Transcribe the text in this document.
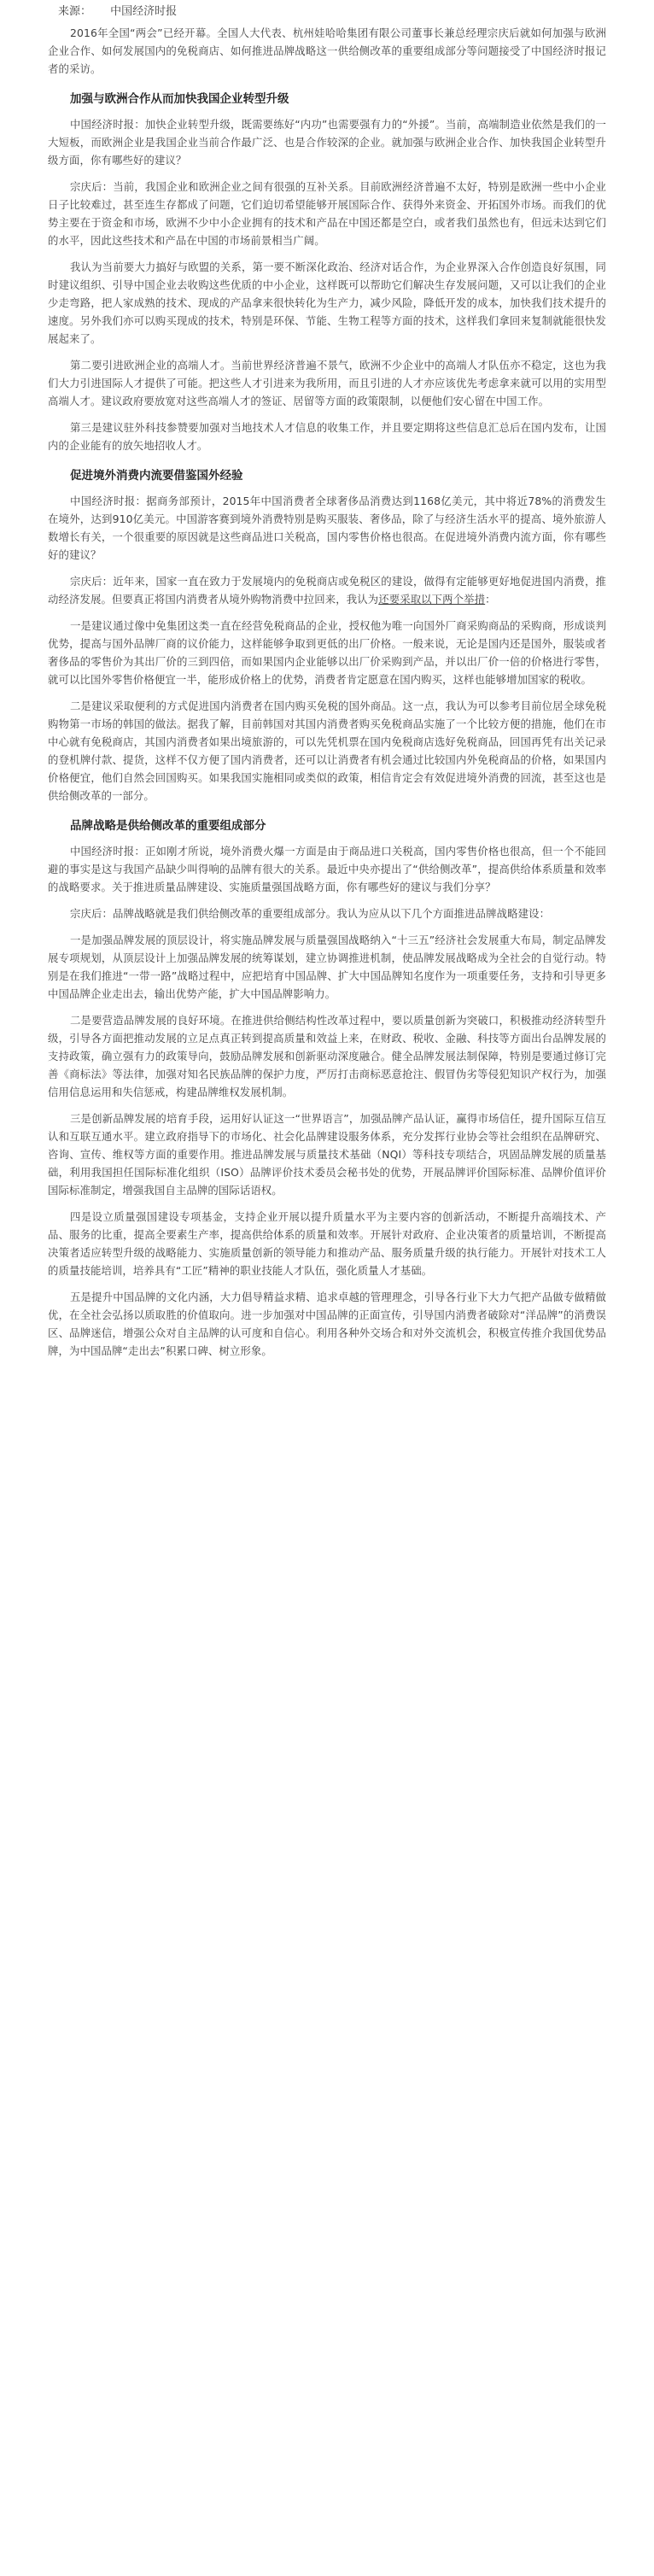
来源： 中国经济时报

2016年全国“两会”已经开幕。全国人大代表、杭州娃哈哈集团有限公司董事长兼总经理宗庆后就如何加强与欧洲企业合作、如何发展国内的免税商店、如何推进品牌战略这一供给侧改革的重要组成部分等问题接受了中国经济时报记者的采访。

加强与欧洲合作从而加快我国企业转型升级

中国经济时报：加快企业转型升级，既需要练好“内功”也需要强有力的“外援”。当前，高端制造业依然是我们的一大短板，而欧洲企业是我国企业当前合作最广泛、也是合作较深的企业。就加强与欧洲企业合作、加快我国企业转型升级方面，你有哪些好的建议？

宗庆后：当前，我国企业和欧洲企业之间有很强的互补关系。目前欧洲经济普遍不太好，特别是欧洲一些中小企业日子比较难过，甚至连生存都成了问题，它们迫切希望能够开展国际合作、获得外来资金、开拓国外市场。而我们的优势主要在于资金和市场，欧洲不少中小企业拥有的技术和产品在中国还都是空白，或者我们虽然也有，但远未达到它们的水平，因此这些技术和产品在中国的市场前景相当广阔。

我认为当前要大力搞好与欧盟的关系，第一要不断深化政治、经济对话合作，为企业界深入合作创造良好氛围，同时建议组织、引导中国企业去收购这些优质的中小企业，这样既可以帮助它们解决生存发展问题，又可以让我们的企业少走弯路，把人家成熟的技术、现成的产品拿来很快转化为生产力，减少风险，降低开发的成本，加快我们技术提升的速度。另外我们亦可以购买现成的技术，特别是环保、节能、生物工程等方面的技术，这样我们拿回来复制就能很快发展起来了。

第二要引进欧洲企业的高端人才。当前世界经济普遍不景气，欧洲不少企业中的高端人才队伍亦不稳定，这也为我们大力引进国际人才提供了可能。把这些人才引进来为我所用，而且引进的人才亦应该优先考虑拿来就可以用的实用型高端人才。建议政府要放宽对这些高端人才的签证、居留等方面的政策限制，以便他们安心留在中国工作。

第三是建议驻外科技参赞要加强对当地技术人才信息的收集工作，并且要定期将这些信息汇总后在国内发布，让国内的企业能有的放矢地招收人才。

促进境外消费内流要借鉴国外经验

中国经济时报：据商务部预计，2015年中国消费者全球奢侈品消费达到1168亿美元，其中将近78%的消费发生在境外，达到910亿美元。中国游客赛到境外消费特别是购买服装、奢侈品，除了与经济生活水平的提高、境外旅游人数增长有关，一个很重要的原因就是这些商品进口关税高，国内零售价格也很高。在促进境外消费内流方面，你有哪些好的建议？

宗庆后：近年来，国家一直在致力于发展境内的免税商店或免税区的建设，做得有定能够更好地促进国内消费，推动经济发展。但要真正将国内消费者从境外购物消费中拉回来，我认为还要采取以下两个举措：

一是建议通过像中免集团这类一直在经营免税商品的企业，授权他为唯一向国外厂商采购商品的采购商，形成谈判优势，提高与国外品牌厂商的议价能力，这样能够争取到更低的出厂价格。一般来说，无论是国内还是国外，服装或者奢侈品的零售价为其出厂价的三到四倍，而如果国内企业能够以出厂价采购到产品，并以出厂价一倍的价格进行零售，就可以比国外零售价格便宜一半，能形成价格上的优势，消费者肯定愿意在国内购买，这样也能够增加国家的税收。

二是建议采取便利的方式促进国内消费者在国内购买免税的国外商品。这一点，我认为可以参考目前位居全球免税购物第一市场的韩国的做法。据我了解，目前韩国对其国内消费者购买免税商品实施了一个比较方便的措施，他们在市中心就有免税商店，其国内消费者如果出境旅游的，可以先凭机票在国内免税商店选好免税商品，回国再凭有出关记录的登机牌付款、提货，这样不仅方便了国内消费者，还可以让消费者有机会通过比较国内外免税商品的价格，如果国内价格便宜，他们自然会回国购买。如果我国实施相同或类似的政策，相信肯定会有效促进境外消费的回流，甚至这也是供给侧改革的一部分。

品牌战略是供给侧改革的重要组成部分

中国经济时报：正如刚才所说，境外消费火爆一方面是由于商品进口关税高，国内零售价格也很高，但一个不能回避的事实是这与我国产品缺少叫得响的品牌有很大的关系。最近中央亦提出了“供给侧改革”，提高供给体系质量和效率的战略要求。关于推进质量品牌建设、实施质量强国战略方面，你有哪些好的建议与我们分享？

宗庆后：品牌战略就是我们供给侧改革的重要组成部分。我认为应从以下几个方面推进品牌战略建设：

一是加强品牌发展的顶层设计，将实施品牌发展与质量强国战略纳入“十三五”经济社会发展重大布局，制定品牌发展专项规划，从顶层设计上加强品牌发展的统筹谋划，建立协调推进机制，使品牌发展战略成为全社会的自觉行动。特别是在我们推进“一带一路”战略过程中，应把培育中国品牌、扩大中国品牌知名度作为一项重要任务，支持和引导更多中国品牌企业走出去，输出优势产能，扩大中国品牌影响力。

二是要营造品牌发展的良好环境。在推进供给侧结构性改革过程中，要以质量创新为突破口，积极推动经济转型升级，引导各方面把推动发展的立足点真正转到提高质量和效益上来，在财政、税收、金融、科技等方面出台品牌发展的支持政策，确立强有力的政策导向，鼓励品牌发展和创新驱动深度融合。健全品牌发展法制保障，特别是要通过修订完善《商标法》等法律，加强对知名民族品牌的保护力度，严厉打击商标恶意抢注、假冒伪劣等侵犯知识产权行为，加强信用信息运用和失信惩戒，构建品牌维权发展机制。

三是创新品牌发展的培育手段，运用好认证这一“世界语言”，加强品牌产品认证，赢得市场信任，提升国际互信互认和互联互通水平。建立政府指导下的市场化、社会化品牌建设服务体系，充分发挥行业协会等社会组织在品牌研究、咨询、宣传、维权等方面的重要作用。推进品牌发展与质量技术基础（NQI）等科技专项结合，巩固品牌发展的质量基础，利用我国担任国际标准化组织（ISO）品牌评价技术委员会秘书处的优势，开展品牌评价国际标准、品牌价值评价国际标准制定，增强我国自主品牌的国际话语权。

四是设立质量强国建设专项基金，支持企业开展以提升质量水平为主要内容的创新活动，不断提升高端技术、产品、服务的比重，提高全要素生产率，提高供给体系的质量和效率。开展针对政府、企业决策者的质量培训，不断提高决策者适应转型升级的战略能力、实施质量创新的领导能力和推动产品、服务质量升级的执行能力。开展针对技术工人的质量技能培训，培养具有“工匠”精神的职业技能人才队伍，强化质量人才基础。

五是提升中国品牌的文化内涵，大力倡导精益求精、追求卓越的管理理念，引导各行业下大力气把产品做专做精做优，在全社会弘扬以质取胜的价值取向。进一步加强对中国品牌的正面宣传，引导国内消费者破除对“洋品牌”的消费误区、品牌迷信，增强公众对自主品牌的认可度和自信心。利用各种外交场合和对外交流机会，积极宣传推介我国优势品牌，为中国品牌“走出去”积累口碑、树立形象。
